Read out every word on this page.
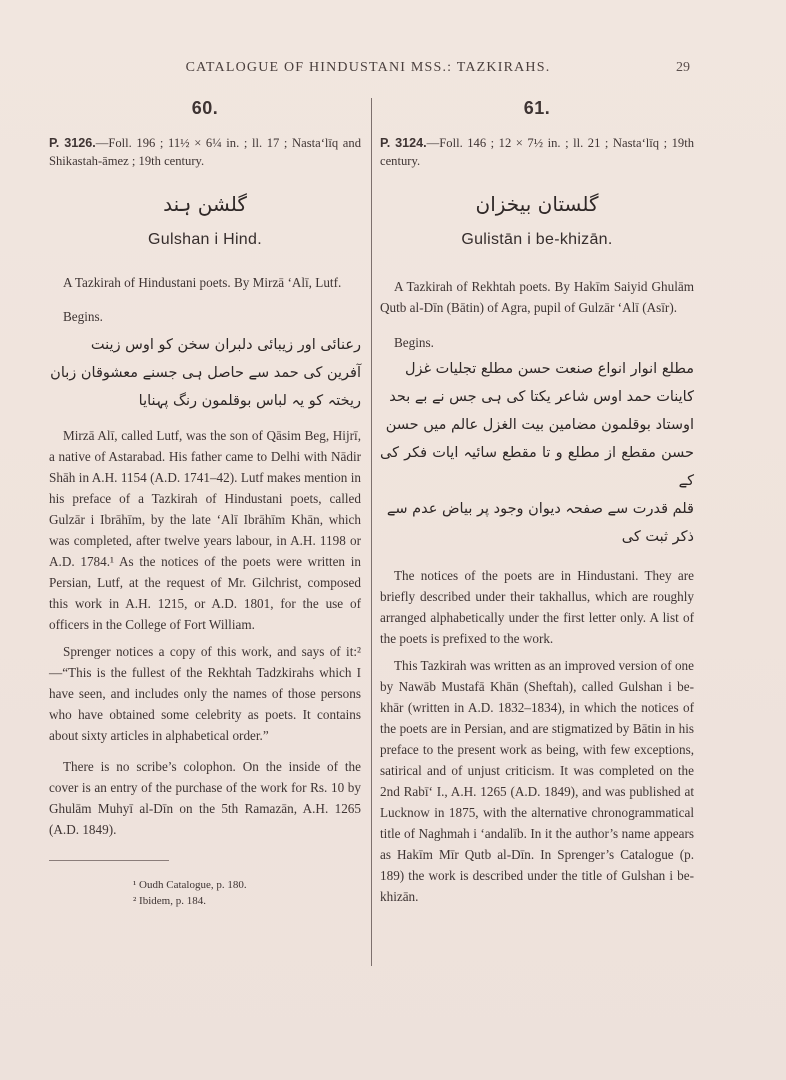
CATALOGUE OF HINDUSTANI MSS.: TAZKIRAHS.	29
60.

P. 3126.—Foll. 196 ; 11½ × 6¼ in. ; ll. 17 ; Nasta‘līq and Shikastah-āmez ; 19th century.

گلشن ہند
Gulshan i Hind.

A Tazkirah of Hindustani poets. By Mirzā ‘Alī, Lutf.

Begins.

رعنائی اور زیبائی دلبران سخن کو اوس زینت

آفرین کی حمد سے حاصل ہی جسنے معشوقان زبان

ریختہ کو یہ لباس بوقلمون رنگ پہنایا

Mirzā Alī, called Lutf, was the son of Qāsim Beg, Hijrī, a native of Astarabad. His father came to Delhi with Nādir Shāh in A.H. 1154 (A.D. 1741–42). Lutf makes mention in his preface of a Tazkirah of Hindustani poets, called Gulzār i Ibrāhīm, by the late ‘Alī Ibrāhīm Khān, which was completed, after twelve years labour, in A.H. 1198 or A.D. 1784.¹ As the notices of the poets were written in Persian, Lutf, at the request of Mr. Gilchrist, composed this work in A.H. 1215, or A.D. 1801, for the use of officers in the College of Fort William.

Sprenger notices a copy of this work, and says of it:²—“This is the fullest of the Rekhtah Tadzkirahs which I have seen, and includes only the names of those persons who have obtained some celebrity as poets. It contains about sixty articles in alphabetical order.”

There is no scribe’s colophon. On the inside of the cover is an entry of the purchase of the work for Rs. 10 by Ghulām Muhyī al-Dīn on the 5th Ramazān, A.H. 1265 (A.D. 1849).

¹ Oudh Catalogue, p. 180.

² Ibidem, p. 184.

61.

P. 3124.—Foll. 146 ; 12 × 7½ in. ; ll. 21 ; Nasta‘līq ; 19th century.

گلستان بیخزان
Gulistān i be-khizān.

A Tazkirah of Rekhtah poets. By Hakīm Saiyid Ghulām Qutb al-Dīn (Bātin) of Agra, pupil of Gulzār ‘Alī (Asīr).

Begins.

مطلع انوار انواع صنعت حسن مطلع تجلیات غزل

کاینات حمد اوس شاعر یکتا کی ہی جس نے بے بحد

اوستاد بوقلمون مضامین بیت الغزل عالم میں حسن

حسن مقطع از مطلع و تا مقطع سائیہ ایات فکر کی کے

قلم قدرت سے صفحہ دیوان وجود پر بیاض عدم سے

ذکر ثبت کی

The notices of the poets are in Hindustani. They are briefly described under their takhallus, which are roughly arranged alphabetically under the first letter only. A list of the poets is prefixed to the work.

This Tazkirah was written as an improved version of one by Nawāb Mustafā Khān (Sheftah), called Gulshan i be-khār (written in A.D. 1832–1834), in which the notices of the poets are in Persian, and are stigmatized by Bātin in his preface to the present work as being, with few exceptions, satirical and of unjust criticism. It was completed on the 2nd Rabī‘ I., A.H. 1265 (A.D. 1849), and was published at Lucknow in 1875, with the alternative chronogrammatical title of Naghmah i ‘andalīb. In it the author’s name appears as Hakīm Mīr Qutb al-Dīn. In Sprenger’s Catalogue (p. 189) the work is described under the title of Gulshan i be-khizān.
